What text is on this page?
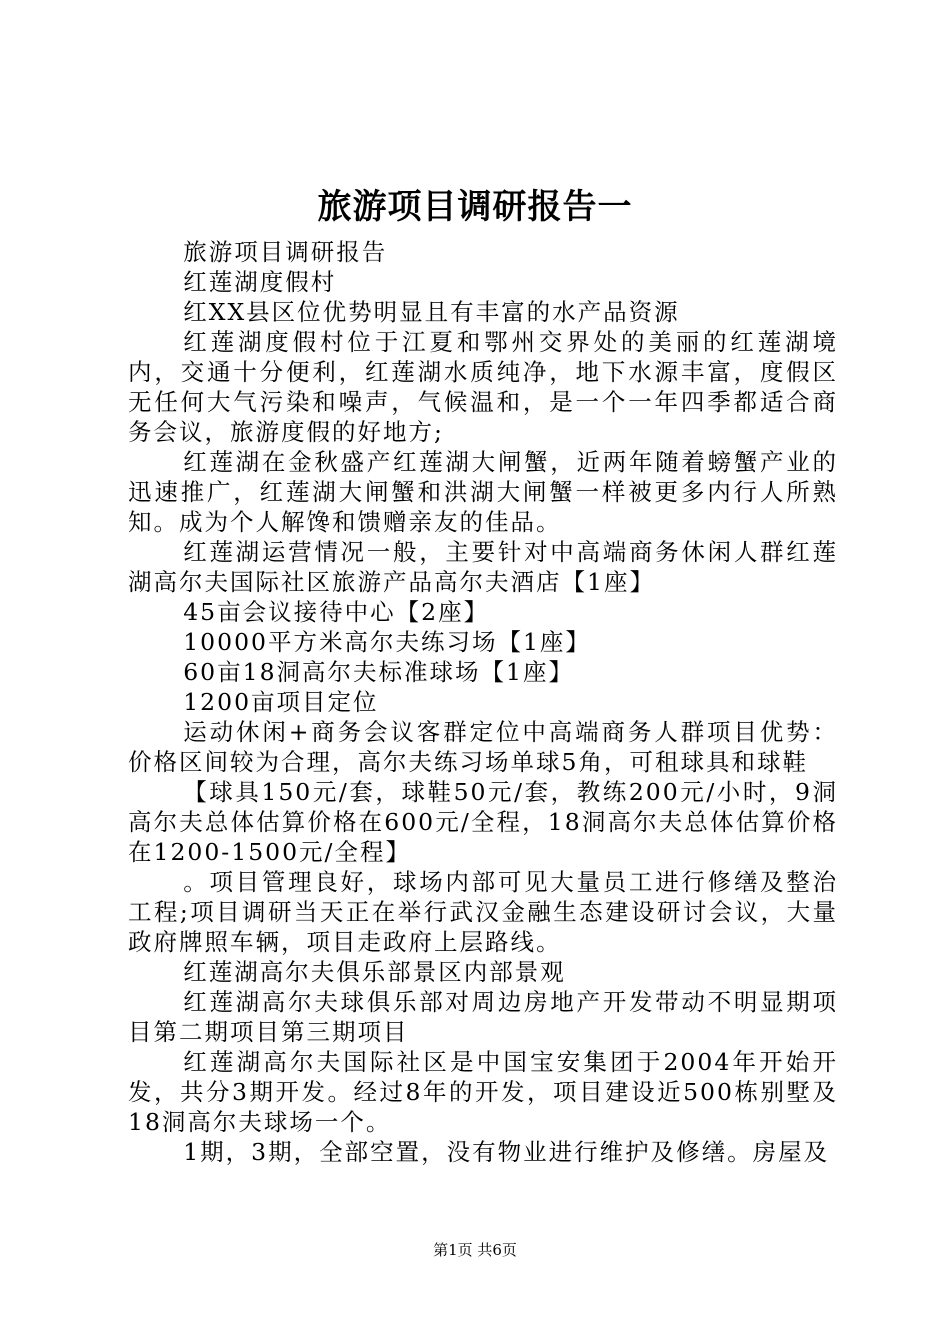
旅游项目调研报告一

旅游项目调研报告

红莲湖度假村

红XX县区位优势明显且有丰富的水产品资源

红莲湖度假村位于江夏和鄂州交界处的美丽的红莲湖境内，交通十分便利，红莲湖水质纯净，地下水源丰富，度假区无任何大气污染和噪声，气候温和，是一个一年四季都适合商务会议，旅游度假的好地方;

红莲湖在金秋盛产红莲湖大闸蟹，近两年随着螃蟹产业的迅速推广，红莲湖大闸蟹和洪湖大闸蟹一样被更多内行人所熟知。成为个人解馋和馈赠亲友的佳品。

红莲湖运营情况一般，主要针对中高端商务休闲人群红莲湖高尔夫国际社区旅游产品高尔夫酒店【1座】

45亩会议接待中心【2座】

10000平方米高尔夫练习场【1座】

60亩18洞高尔夫标准球场【1座】

1200亩项目定位

运动休闲+商务会议客群定位中高端商务人群项目优势：价格区间较为合理，高尔夫练习场单球5角，可租球具和球鞋

【球具150元/套，球鞋50元/套，教练200元/小时，9洞高尔夫总体估算价格在600元/全程，18洞高尔夫总体估算价格在1200-1500元/全程】

。项目管理良好，球场内部可见大量员工进行修缮及整治工程;项目调研当天正在举行武汉金融生态建设研讨会议，大量政府牌照车辆，项目走政府上层路线。

红莲湖高尔夫俱乐部景区内部景观

红莲湖高尔夫球俱乐部对周边房地产开发带动不明显期项目第二期项目第三期项目

红莲湖高尔夫国际社区是中国宝安集团于2004年开始开发，共分3期开发。经过8年的开发，项目建设近500栋别墅及18洞高尔夫球场一个。

1期，3期，全部空置，没有物业进行维护及修缮。房屋及

第1页 共6页
